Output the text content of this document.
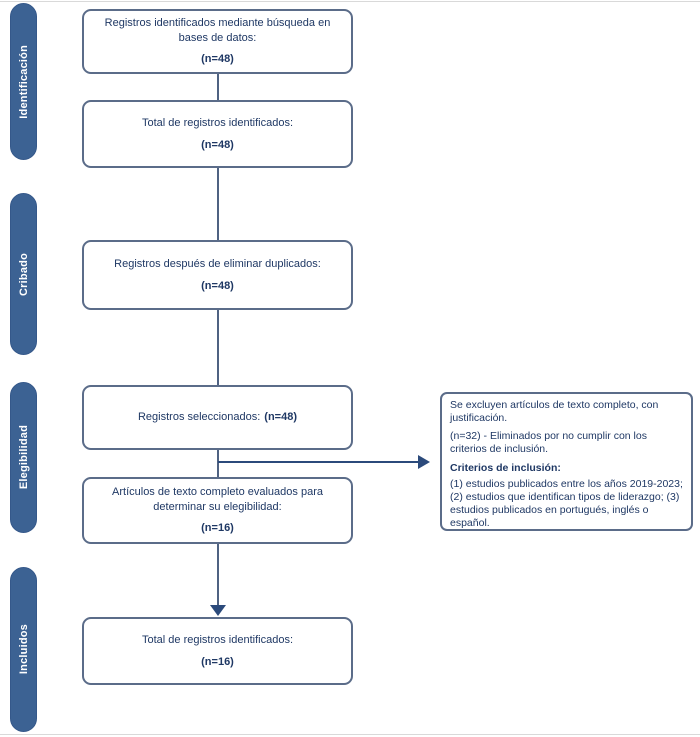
Identificación
Cribado
Elegibilidad
Incluidos
Registros identificados mediante búsqueda en bases de datos:
(n=48)
Total de registros identificados:
(n=48)
Registros después de eliminar duplicados:
(n=48)
Registros seleccionados: (n=48)
Artículos de texto completo evaluados para determinar su elegibilidad:
(n=16)
Total de registros identificados:
(n=16)

Se excluyen artículos de texto completo, con justificación.

(n=32) - Eliminados por no cumplir con los criterios de inclusión.

Criterios de inclusión:

(1) estudios publicados entre los años 2019-2023; (2) estudios que identifican tipos de liderazgo; (3) estudios publicados en portugués, inglés o español.
